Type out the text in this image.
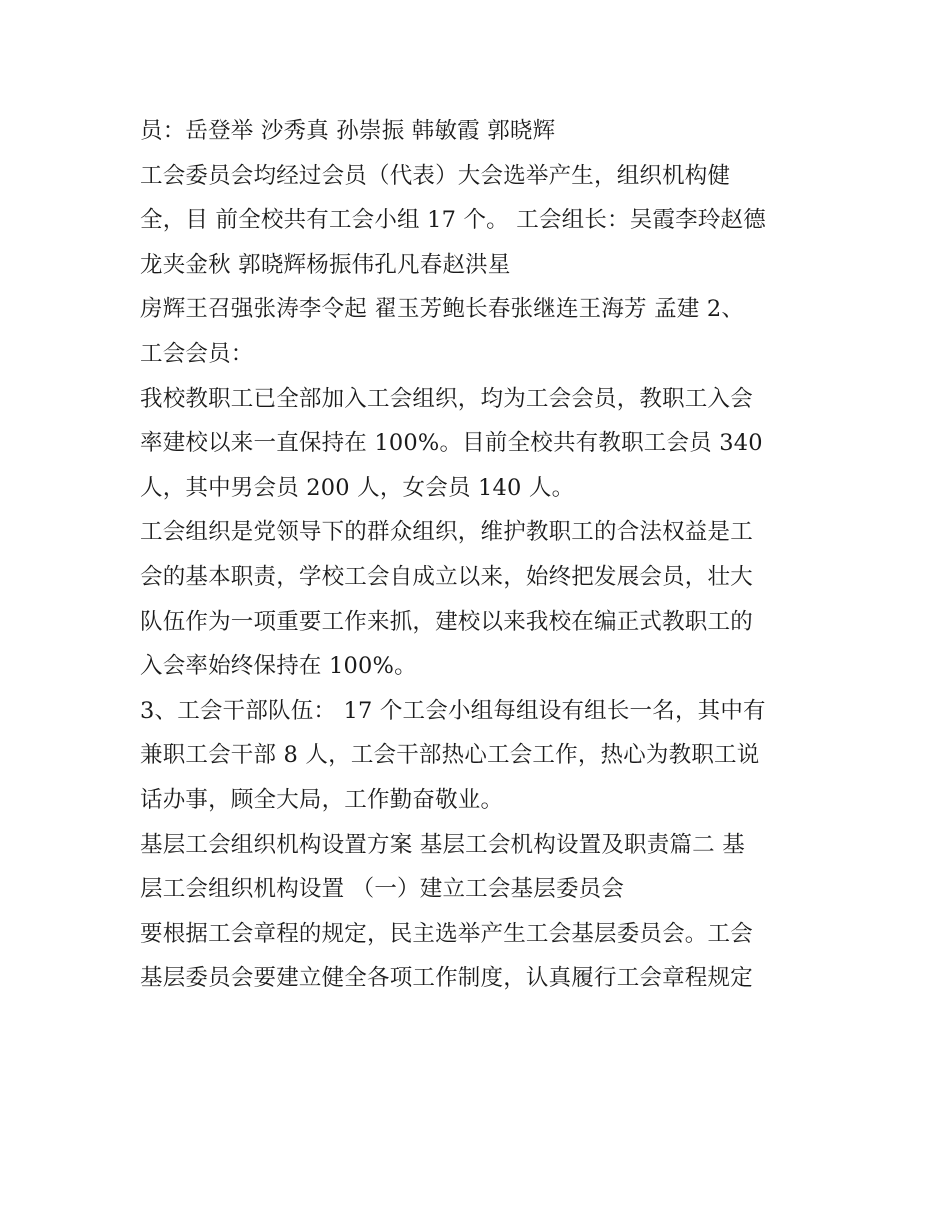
员：岳登举 沙秀真 孙崇振 韩敏霞 郭晓辉
工会委员会均经过会员（代表）大会选举产生，组织机构健
全，目 前全校共有工会小组 17 个。 工会组长：吴霞李玲赵德
龙夹金秋 郭晓辉杨振伟孔凡春赵洪星
房辉王召强张涛李令起 翟玉芳鲍长春张继连王海芳 孟建 2、
工会会员：
我校教职工已全部加入工会组织，均为工会会员，教职工入会
率建校以来一直保持在 100%。目前全校共有教职工会员 340
人，其中男会员 200 人，女会员 140 人。
工会组织是党领导下的群众组织，维护教职工的合法权益是工
会的基本职责，学校工会自成立以来，始终把发展会员，壮大
队伍作为一项重要工作来抓，建校以来我校在编正式教职工的
入会率始终保持在 100%。
3、工会干部队伍： 17 个工会小组每组设有组长一名，其中有
兼职工会干部 8 人，工会干部热心工会工作，热心为教职工说
话办事，顾全大局，工作勤奋敬业。
基层工会组织机构设置方案 基层工会机构设置及职责篇二 基
层工会组织机构设置 （一）建立工会基层委员会
要根据工会章程的规定，民主选举产生工会基层委员会。工会
基层委员会要建立健全各项工作制度，认真履行工会章程规定
